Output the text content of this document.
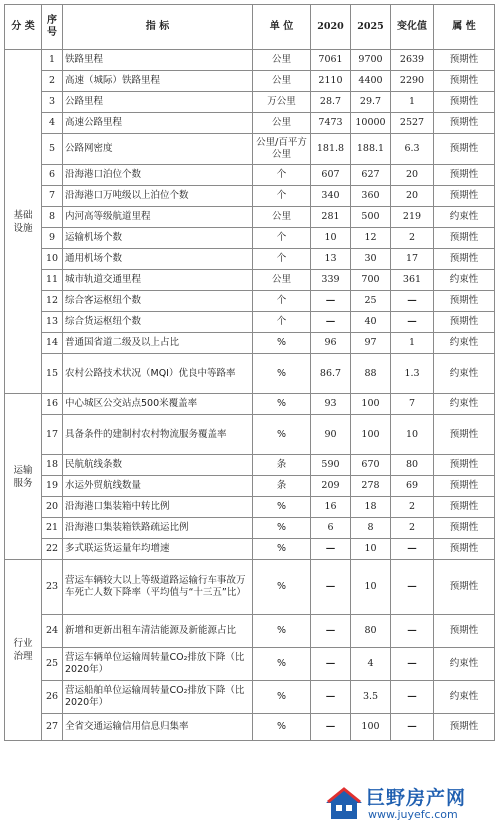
分 类	序号	指 标	单 位	2020	2025	变化值	属 性
基础设施	1	铁路里程	公里	7061	9700	2639	预期性
	2	高速（城际）铁路里程	公里	2110	4400	2290	预期性
	3	公路里程	万公里	28.7	29.7	1	预期性
	4	高速公路里程	公里	7473	10000	2527	预期性
	5	公路网密度	公里/百平方公里	181.8	188.1	6.3	预期性
	6	沿海港口泊位个数	个	607	627	20	预期性
	7	沿海港口万吨级以上泊位个数	个	340	360	20	预期性
	8	内河高等级航道里程	公里	281	500	219	约束性
	9	运输机场个数	个	10	12	2	预期性
	10	通用机场个数	个	13	30	17	预期性
	11	城市轨道交通里程	公里	339	700	361	约束性
	12	综合客运枢纽个数	个	—	25	—	预期性
	13	综合货运枢纽个数	个	—	40	—	预期性
	14	普通国省道二级及以上占比	%	96	97	1	约束性
	15	农村公路技术状况（MQI）优良中等路率	%	86.7	88	1.3	约束性
运输服务	16	中心城区公交站点500米覆盖率	%	93	100	7	约束性
	17	具备条件的建制村农村物流服务覆盖率	%	90	100	10	预期性
	18	民航航线条数	条	590	670	80	预期性
	19	水运外贸航线数量	条	209	278	69	预期性
	20	沿海港口集装箱中转比例	%	16	18	2	预期性
	21	沿海港口集装箱铁路疏运比例	%	6	8	2	预期性
	22	多式联运货运量年均增速	%	—	10	—	预期性
行业治理	23	营运车辆较大以上等级道路运输行车事故万车死亡人数下降率（平均值与“十三五”比）	%	—	10	—	预期性
	24	新增和更新出租车清洁能源及新能源占比	%	—	80	—	预期性
	25	营运车辆单位运输周转量CO₂排放下降（比2020年）	%	—	4	—	约束性
	26	营运船舶单位运输周转量CO₂排放下降（比2020年）	%	—	3.5	—	约束性
	27	全省交通运输信用信息归集率	%	—	100	—	预期性
巨野房产网
www.juyefc.com
